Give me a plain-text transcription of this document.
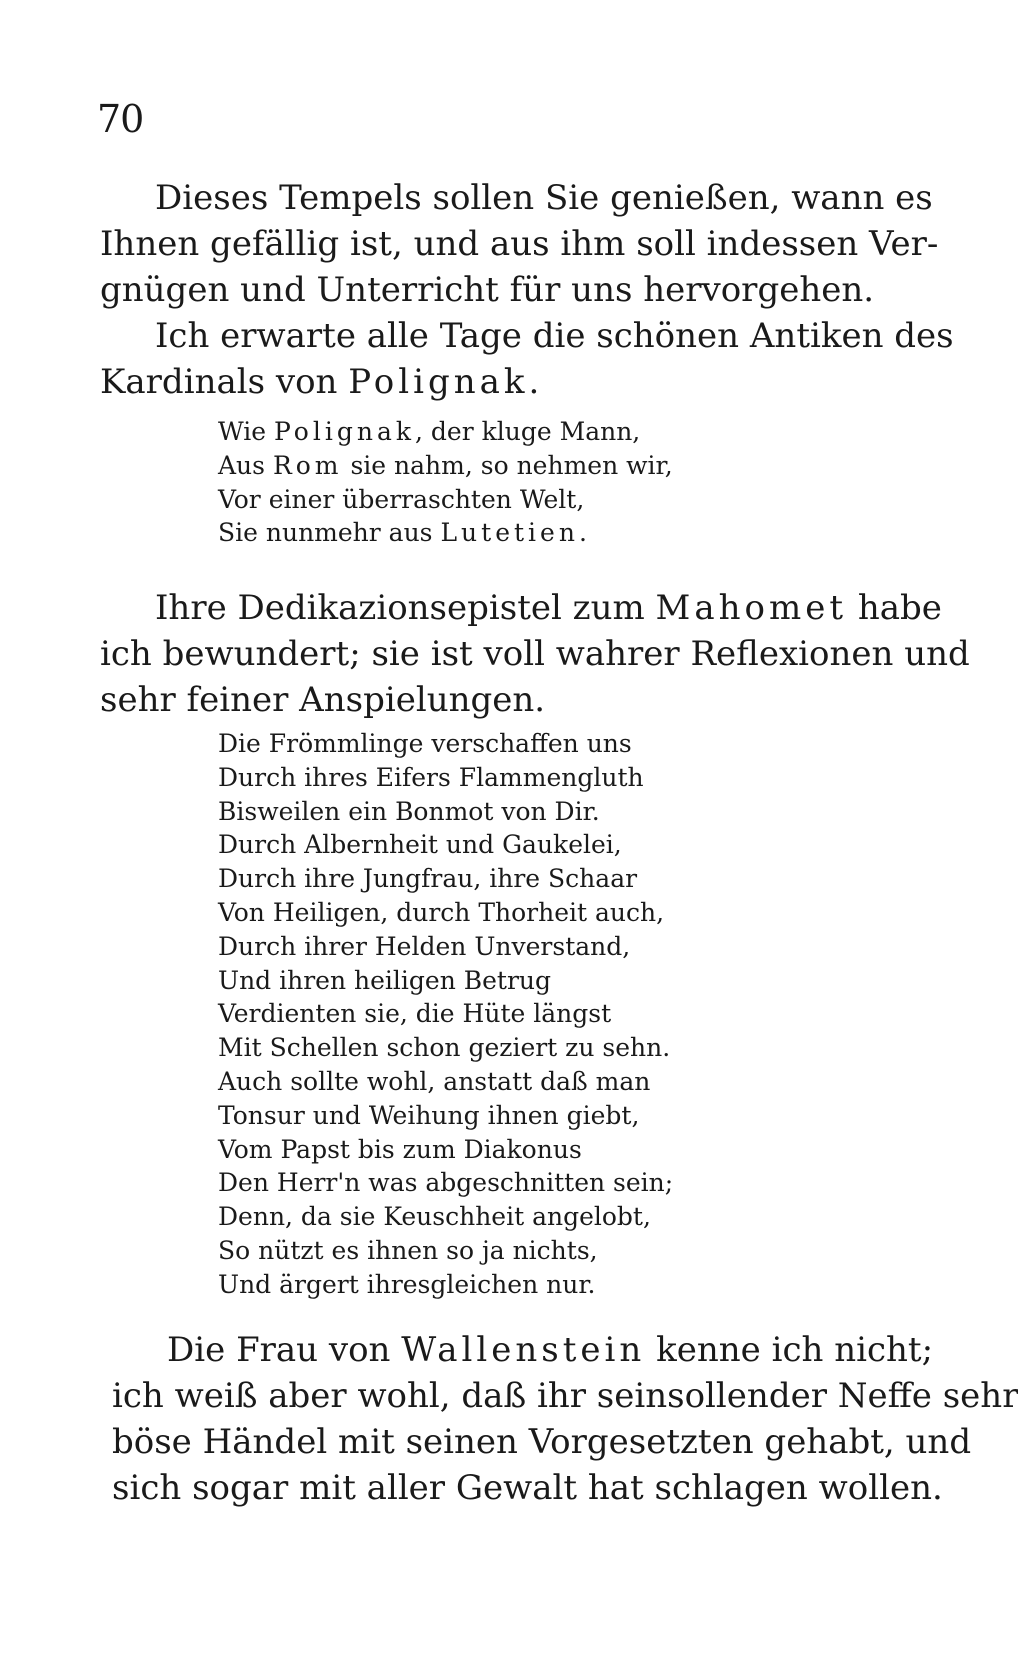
70

Dieses Tempels sollen Sie genießen, wann es
Ihnen gefällig ist, und aus ihm soll indessen Ver-
gnügen und Unterricht für uns hervorgehen.

Ich erwarte alle Tage die schönen Antiken des
Kardinals von Polignak.

Wie Polignak, der kluge Mann,
Aus Rom sie nahm, so nehmen wir,
Vor einer überraschten Welt,
Sie nunmehr aus Lutetien.

Ihre Dedikazionsepistel zum Mahomet habe
ich bewundert; sie ist voll wahrer Reflexionen und
sehr feiner Anspielungen.

Die Frömmlinge verschaffen uns
Durch ihres Eifers Flammengluth
Bisweilen ein Bonmot von Dir.
Durch Albernheit und Gaukelei,
Durch ihre Jungfrau, ihre Schaar
Von Heiligen, durch Thorheit auch,
Durch ihrer Helden Unverstand,
Und ihren heiligen Betrug
Verdienten sie, die Hüte längst
Mit Schellen schon geziert zu sehn.
Auch sollte wohl, anstatt daß man
Tonsur und Weihung ihnen giebt,
Vom Papst bis zum Diakonus
Den Herr'n was abgeschnitten sein;
Denn, da sie Keuschheit angelobt,
So nützt es ihnen so ja nichts,
Und ärgert ihresgleichen nur.

Die Frau von Wallenstein kenne ich nicht;
ich weiß aber wohl, daß ihr seinsollender Neffe sehr
böse Händel mit seinen Vorgesetzten gehabt, und
sich sogar mit aller Gewalt hat schlagen wollen.
